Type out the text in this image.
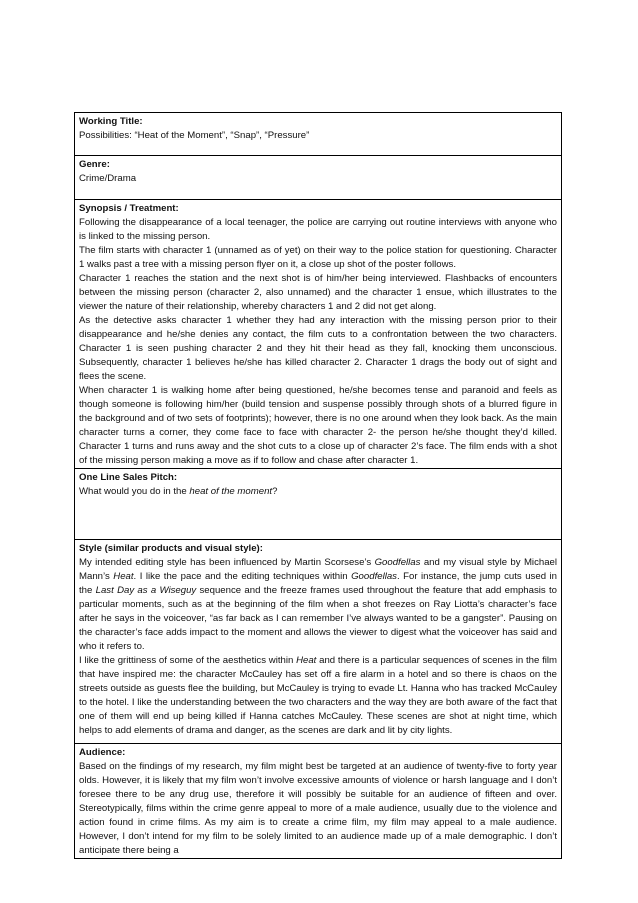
Working Title:
Possibilities: “Heat of the Moment”, “Snap”, “Pressure”

Genre:
Crime/Drama

Synopsis / Treatment:
Following the disappearance of a local teenager, the police are carrying out routine interviews with anyone who is linked to the missing person.
The film starts with character 1 (unnamed as of yet) on their way to the police station for questioning. Character 1 walks past a tree with a missing person flyer on it, a close up shot of the poster follows.
Character 1 reaches the station and the next shot is of him/her being interviewed. Flashbacks of encounters between the missing person (character 2, also unnamed) and the character 1 ensue, which illustrates to the viewer the nature of their relationship, whereby characters 1 and 2 did not get along.
As the detective asks character 1 whether they had any interaction with the missing person prior to their disappearance and he/she denies any contact, the film cuts to a confrontation between the two characters. Character 1 is seen pushing character 2 and they hit their head as they fall, knocking them unconscious. Subsequently, character 1 believes he/she has killed character 2. Character 1 drags the body out of sight and flees the scene.
When character 1 is walking home after being questioned, he/she becomes tense and paranoid and feels as though someone is following him/her (build tension and suspense possibly through shots of a blurred figure in the background and of two sets of footprints); however, there is no one around when they look back. As the main character turns a corner, they come face to face with character 2- the person he/she thought they’d killed. Character 1 turns and runs away and the shot cuts to a close up of character 2’s face. The film ends with a shot of the missing person making a move as if to follow and chase after character 1.

One Line Sales Pitch:
What would you do in the heat of the moment?

Style (similar products and visual style):
My intended editing style has been influenced by Martin Scorsese’s Goodfellas and my visual style by Michael Mann’s Heat. I like the pace and the editing techniques within Goodfellas. For instance, the jump cuts used in the Last Day as a Wiseguy sequence and the freeze frames used throughout the feature that add emphasis to particular moments, such as at the beginning of the film when a shot freezes on Ray Liotta’s character’s face after he says in the voiceover, “as far back as I can remember I’ve always wanted to be a gangster”. Pausing on the character’s face adds impact to the moment and allows the viewer to digest what the voiceover has said and who it refers to.
I like the grittiness of some of the aesthetics within Heat and there is a particular sequences of scenes in the film that have inspired me: the character McCauley has set off a fire alarm in a hotel and so there is chaos on the streets outside as guests flee the building, but McCauley is trying to evade Lt. Hanna who has tracked McCauley to the hotel. I like the understanding between the two characters and the way they are both aware of the fact that one of them will end up being killed if Hanna catches McCauley. These scenes are shot at night time, which helps to add elements of drama and danger, as the scenes are dark and lit by city lights.

Audience:
Based on the findings of my research, my film might best be targeted at an audience of twenty-five to forty year olds. However, it is likely that my film won’t involve excessive amounts of violence or harsh language and I don’t foresee there to be any drug use, therefore it will possibly be suitable for an audience of fifteen and over. Stereotypically, films within the crime genre appeal to more of a male audience, usually due to the violence and action found in crime films. As my aim is to create a crime film, my film may appeal to a male audience. However, I don’t intend for my film to be solely limited to an audience made up of a male demographic. I don’t anticipate there being a
